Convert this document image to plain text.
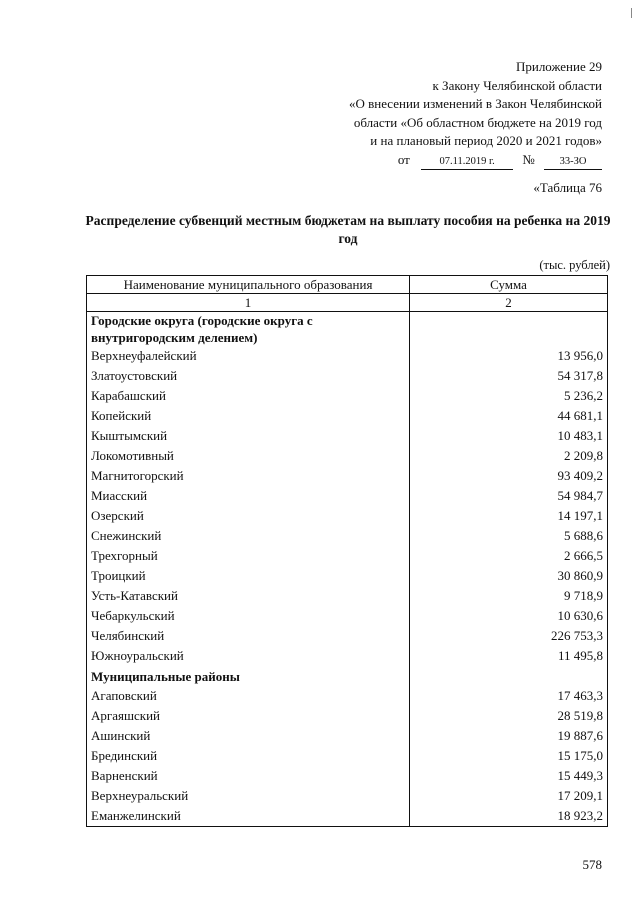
Приложение 29
к Закону Челябинской области
«О внесении изменений в Закон Челябинской
области «Об областном бюджете на 2019 год
и на плановый период 2020 и 2021 годов»
от	07.11.2019 г. № 33-ЗО
«Таблица 76
Распределение субвенций местным бюджетам на выплату пособия на ребенка на 2019 год
(тыс. рублей)
Наименование муниципального образования	Сумма
1	2
Городские округа (городские округа с внутригородским делением)	
Верхнеуфалейский	13 956,0
Златоустовский	54 317,8
Карабашский	5 236,2
Копейский	44 681,1
Кыштымский	10 483,1
Локомотивный	2 209,8
Магнитогорский	93 409,2
Миасский	54 984,7
Озерский	14 197,1
Снежинский	5 688,6
Трехгорный	2 666,5
Троицкий	30 860,9
Усть-Катавский	9 718,9
Чебаркульский	10 630,6
Челябинский	226 753,3
Южноуральский	11 495,8
Муниципальные районы	
Агаповский	17 463,3
Аргаяшский	28 519,8
Ашинский	19 887,6
Брединский	15 175,0
Варненский	15 449,3
Верхнеуральский	17 209,1
Еманжелинский	18 923,2
578
